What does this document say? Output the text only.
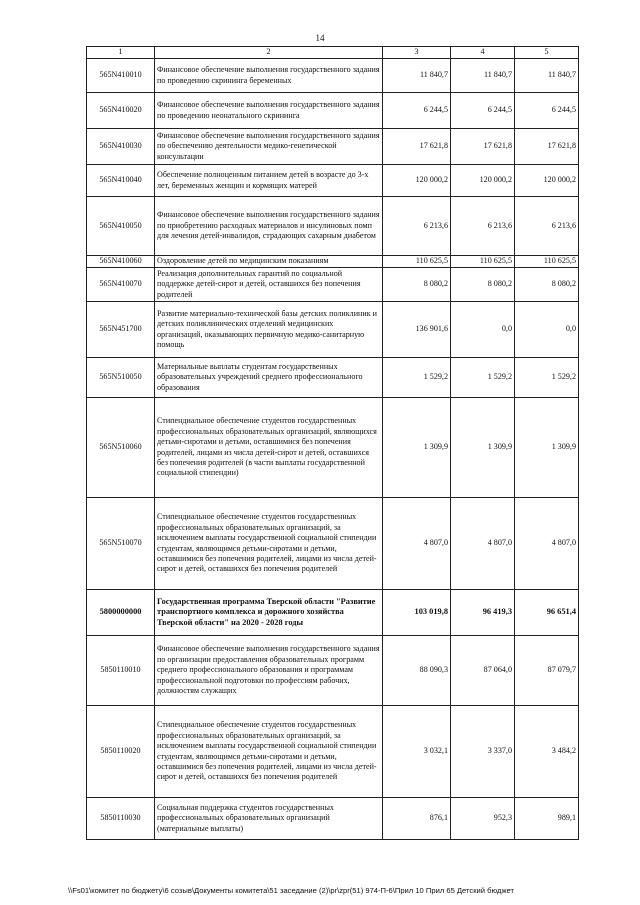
14
1	2	3	4	5
565N410010	Финансовое обеспечение выполнения государственного задания по проведению скрининга беременных	11 840,7	11 840,7	11 840,7
565N410020	Финансовое обеспечение выполнения государственного задания по проведению неонатального скрининга	6 244,5	6 244,5	6 244,5
565N410030	Финансовое обеспечение выполнения государственного задания по обеспечению деятельности медико-генетической консультации	17 621,8	17 621,8	17 621,8
565N410040	Обеспечение полноценным питанием детей в возрасте до 3-х лет, беременных женщин и кормящих матерей	120 000,2	120 000,2	120 000,2
565N410050	Финансовое обеспечение выполнения государственного задания по приобретению расходных материалов и инсулиновых помп для лечения детей-инвалидов, страдающих сахарным диабетом	6 213,6	6 213,6	6 213,6
565N410060	Оздоровление детей по медицинским показаниям	110 625,5	110 625,5	110 625,5
565N410070	Реализация дополнительных гарантий по социальной поддержке детей-сирот и детей, оставшихся без попечения родителей	8 080,2	8 080,2	8 080,2
565N451700	Развитие материально-технической базы детских поликлиник и детских поликлинических отделений медицинских организаций, оказывающих первичную медико-санитарную помощь	136 901,6	0,0	0,0
565N510050	Материальные выплаты студентам государственных образовательных учреждений среднего профессионального образования	1 529,2	1 529,2	1 529,2
565N510060	Стипендиальное обеспечение студентов государственных профессиональных образовательных организаций, являющихся детьми-сиротами и детьми, оставшимися без попечения родителей, лицами из числа детей-сирот и детей, оставшихся без попечения родителей (в части выплаты государственной социальной стипендии)	1 309,9	1 309,9	1 309,9
565N510070	Стипендиальное обеспечение студентов государственных профессиональных образовательных организаций, за исключением выплаты государственной социальной стипендии студентам, являющимся детьми-сиротами и детьми, оставшимися без попечения родителей, лицами из числа детей-сирот и детей, оставшихся без попечения родителей	4 807,0	4 807,0	4 807,0
5800000000	Государственная программа Тверской области "Развитие транспортного комплекса и дорожного хозяйства Тверской области" на 2020 - 2028 годы	103 019,8	96 419,3	96 651,4
5850110010	Финансовое обеспечение выполнения государственного задания по организации предоставления образовательных программ среднего профессионального образования и программам профессиональной подготовки по профессиям рабочих, должностям служащих	88 090,3	87 064,0	87 079,7
5850110020	Стипендиальное обеспечение студентов государственных профессиональных образовательных организаций, за исключением выплаты государственной социальной стипендии студентам, являющимся детьми-сиротами и детьми, оставшимися без попечения родителей, лицами из числа детей-сирот и детей, оставшихся без попечения родителей	3 032,1	3 337,0	3 484,2
5850110030	Социальная поддержка студентов государственных профессиональных образовательных организаций (материальные выплаты)	876,1	952,3	989,1
\\Fs01\комитет по бюджету\6 созыв\Документы комитета\51 заседание (2)\pr\zpr(51) 974-П-6\Прил 10 Прил 65 Детский бюджет
